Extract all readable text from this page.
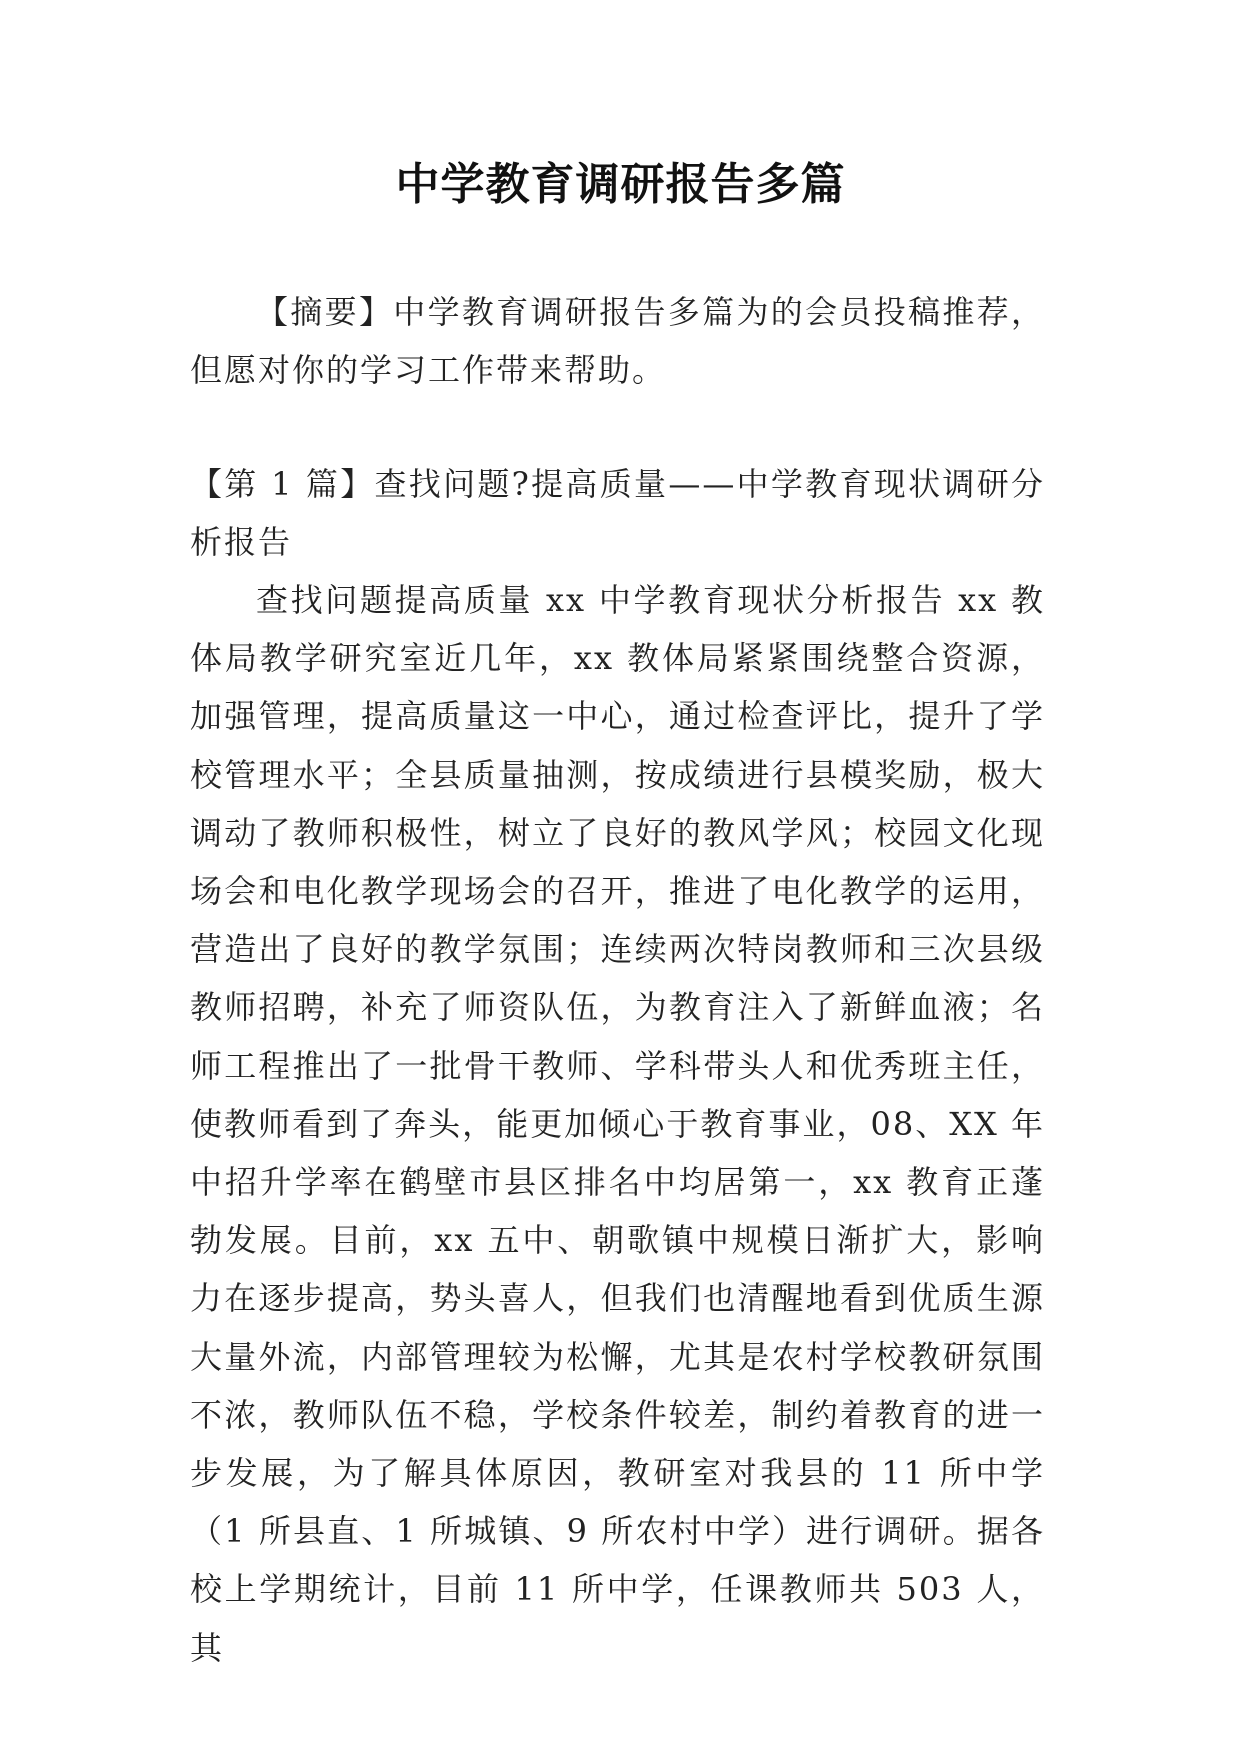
中学教育调研报告多篇

【摘要】中学教育调研报告多篇为的会员投稿推荐，但愿对你的学习工作带来帮助。

【第 1 篇】查找问题?提高质量——中学教育现状调研分析报告

查找问题提高质量 xx 中学教育现状分析报告 xx 教体局教学研究室近几年，xx 教体局紧紧围绕整合资源，加强管理，提高质量这一中心，通过检查评比，提升了学校管理水平；全县质量抽测，按成绩进行县模奖励，极大调动了教师积极性，树立了良好的教风学风；校园文化现场会和电化教学现场会的召开，推进了电化教学的运用，营造出了良好的教学氛围；连续两次特岗教师和三次县级教师招聘，补充了师资队伍，为教育注入了新鲜血液；名师工程推出了一批骨干教师、学科带头人和优秀班主任，使教师看到了奔头，能更加倾心于教育事业，08、XX 年中招升学率在鹤壁市县区排名中均居第一，xx 教育正蓬勃发展。目前，xx 五中、朝歌镇中规模日渐扩大，影响力在逐步提高，势头喜人，但我们也清醒地看到优质生源大量外流，内部管理较为松懈，尤其是农村学校教研氛围不浓，教师队伍不稳，学校条件较差，制约着教育的进一步发展，为了解具体原因，教研室对我县的 11 所中学（1 所县直、1 所城镇、9 所农村中学）进行调研。据各校上学期统计，目前 11 所中学，任课教师共 503 人，其
